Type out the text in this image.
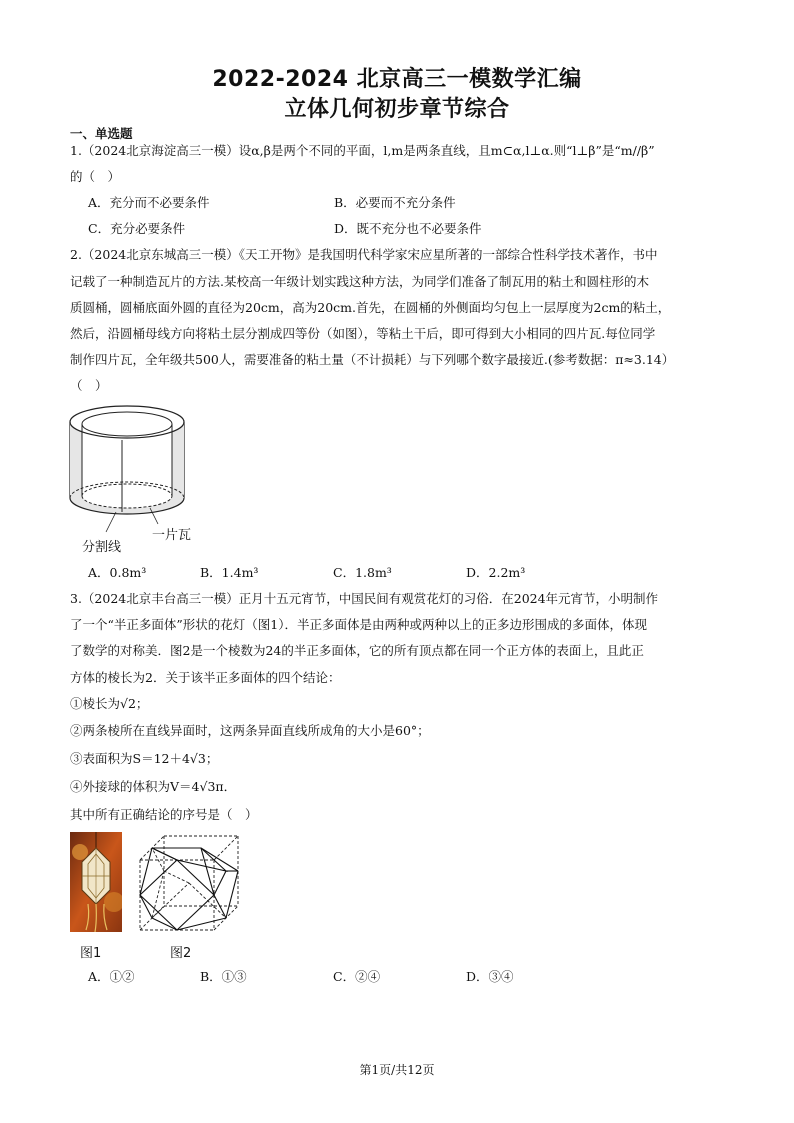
2022-2024 北京高三一模数学汇编
立体几何初步章节综合
一、单选题
1.（2024北京海淀高三一模）设α,β是两个不同的平面，l,m是两条直线，且m⊂α,l⊥α.则“l⊥β”是“m//β”
的（　）
A．充分而不必要条件	B．必要而不充分条件
C．充分必要条件	D．既不充分也不必要条件
2.（2024北京东城高三一模）《天工开物》是我国明代科学家宋应星所著的一部综合性科学技术著作，书中
记载了一种制造瓦片的方法.某校高一年级计划实践这种方法，为同学们准备了制瓦用的粘土和圆柱形的木
质圆桶，圆桶底面外圆的直径为20cm，高为20cm.首先，在圆桶的外侧面均匀包上一层厚度为2cm的粘土，
然后，沿圆桶母线方向将粘土层分割成四等份（如图），等粘土干后，即可得到大小相同的四片瓦.每位同学
制作四片瓦，全年级共500人，需要准备的粘土量（不计损耗）与下列哪个数字最接近.(参考数据：π≈3.14）
（　）
一片瓦
分割线
A．0.8m³	B．1.4m³	C．1.8m³	D．2.2m³
3.（2024北京丰台高三一模）正月十五元宵节，中国民间有观赏花灯的习俗．在2024年元宵节，小明制作
了一个“半正多面体”形状的花灯（图1）．半正多面体是由两种或两种以上的正多边形围成的多面体，体现
了数学的对称美．图2是一个棱数为24的半正多面体，它的所有顶点都在同一个正方体的表面上，且此正
方体的棱长为2．关于该半正多面体的四个结论：
①棱长为√2；
②两条棱所在直线异面时，这两条异面直线所成角的大小是60°；
③表面积为S＝12＋4√3；
④外接球的体积为V＝4√3π．
其中所有正确结论的序号是（　）
图1	图2
A．①②	B．①③	C．②④	D．③④
第1页/共12页
